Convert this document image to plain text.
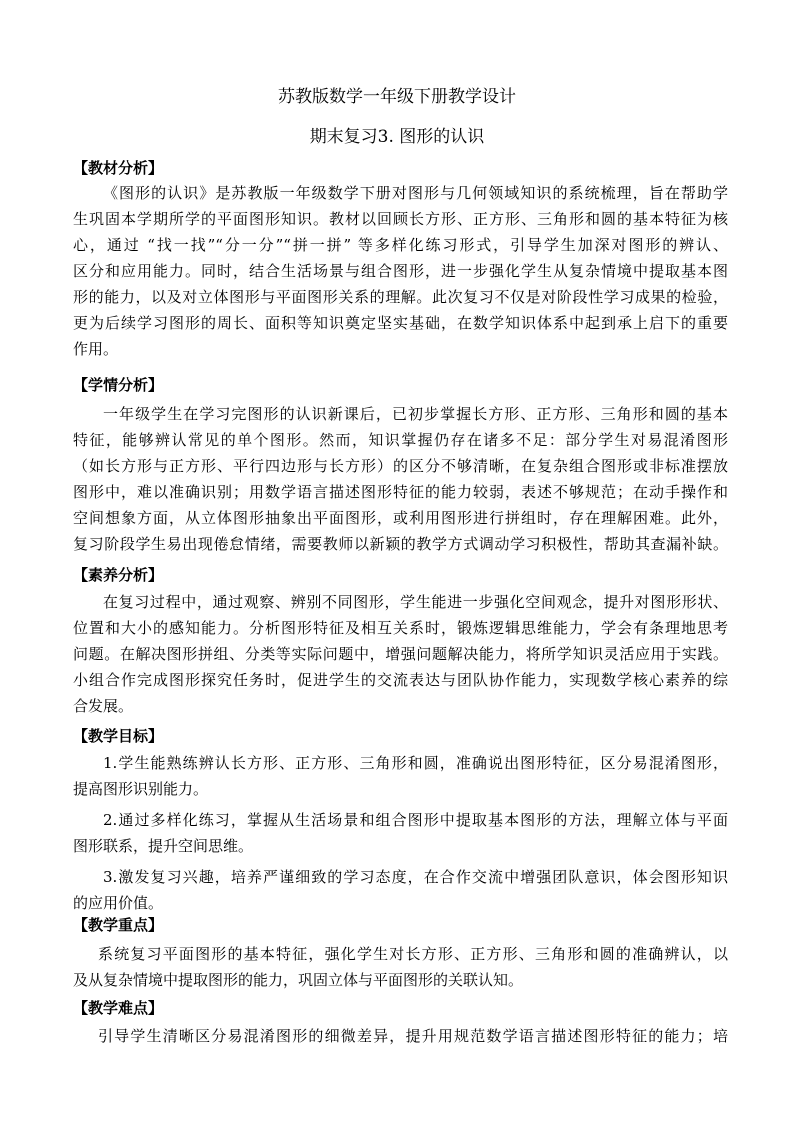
苏教版数学一年级下册教学设计
期末复习3. 图形的认识
【教材分析】
《图形的认识》是苏教版一年级数学下册对图形与几何领域知识的系统梳理，旨在帮助学
生巩固本学期所学的平面图形知识。教材以回顾长方形、正方形、三角形和圆的基本特征为核
心，通过 “找一找”“分一分”“拼一拼” 等多样化练习形式，引导学生加深对图形的辨认、
区分和应用能力。同时，结合生活场景与组合图形，进一步强化学生从复杂情境中提取基本图
形的能力，以及对立体图形与平面图形关系的理解。此次复习不仅是对阶段性学习成果的检验，
更为后续学习图形的周长、面积等知识奠定坚实基础，在数学知识体系中起到承上启下的重要
作用。
【学情分析】
一年级学生在学习完图形的认识新课后，已初步掌握长方形、正方形、三角形和圆的基本
特征，能够辨认常见的单个图形。然而，知识掌握仍存在诸多不足：部分学生对易混淆图形
（如长方形与正方形、平行四边形与长方形）的区分不够清晰，在复杂组合图形或非标准摆放
图形中，难以准确识别；用数学语言描述图形特征的能力较弱，表述不够规范；在动手操作和
空间想象方面，从立体图形抽象出平面图形，或利用图形进行拼组时，存在理解困难。此外，
复习阶段学生易出现倦怠情绪，需要教师以新颖的教学方式调动学习积极性，帮助其查漏补缺。
【素养分析】
在复习过程中，通过观察、辨别不同图形，学生能进一步强化空间观念，提升对图形形状、
位置和大小的感知能力。分析图形特征及相互关系时，锻炼逻辑思维能力，学会有条理地思考
问题。在解决图形拼组、分类等实际问题中，增强问题解决能力，将所学知识灵活应用于实践。
小组合作完成图形探究任务时，促进学生的交流表达与团队协作能力，实现数学核心素养的综
合发展。
【教学目标】
1.学生能熟练辨认长方形、正方形、三角形和圆，准确说出图形特征，区分易混淆图形，
提高图形识别能力。
2.通过多样化练习，掌握从生活场景和组合图形中提取基本图形的方法，理解立体与平面
图形联系，提升空间思维。
3.激发复习兴趣，培养严谨细致的学习态度，在合作交流中增强团队意识，体会图形知识
的应用价值。
【教学重点】
系统复习平面图形的基本特征，强化学生对长方形、正方形、三角形和圆的准确辨认，以
及从复杂情境中提取图形的能力，巩固立体与平面图形的关联认知。
【教学难点】
引导学生清晰区分易混淆图形的细微差异，提升用规范数学语言描述图形特征的能力；培
